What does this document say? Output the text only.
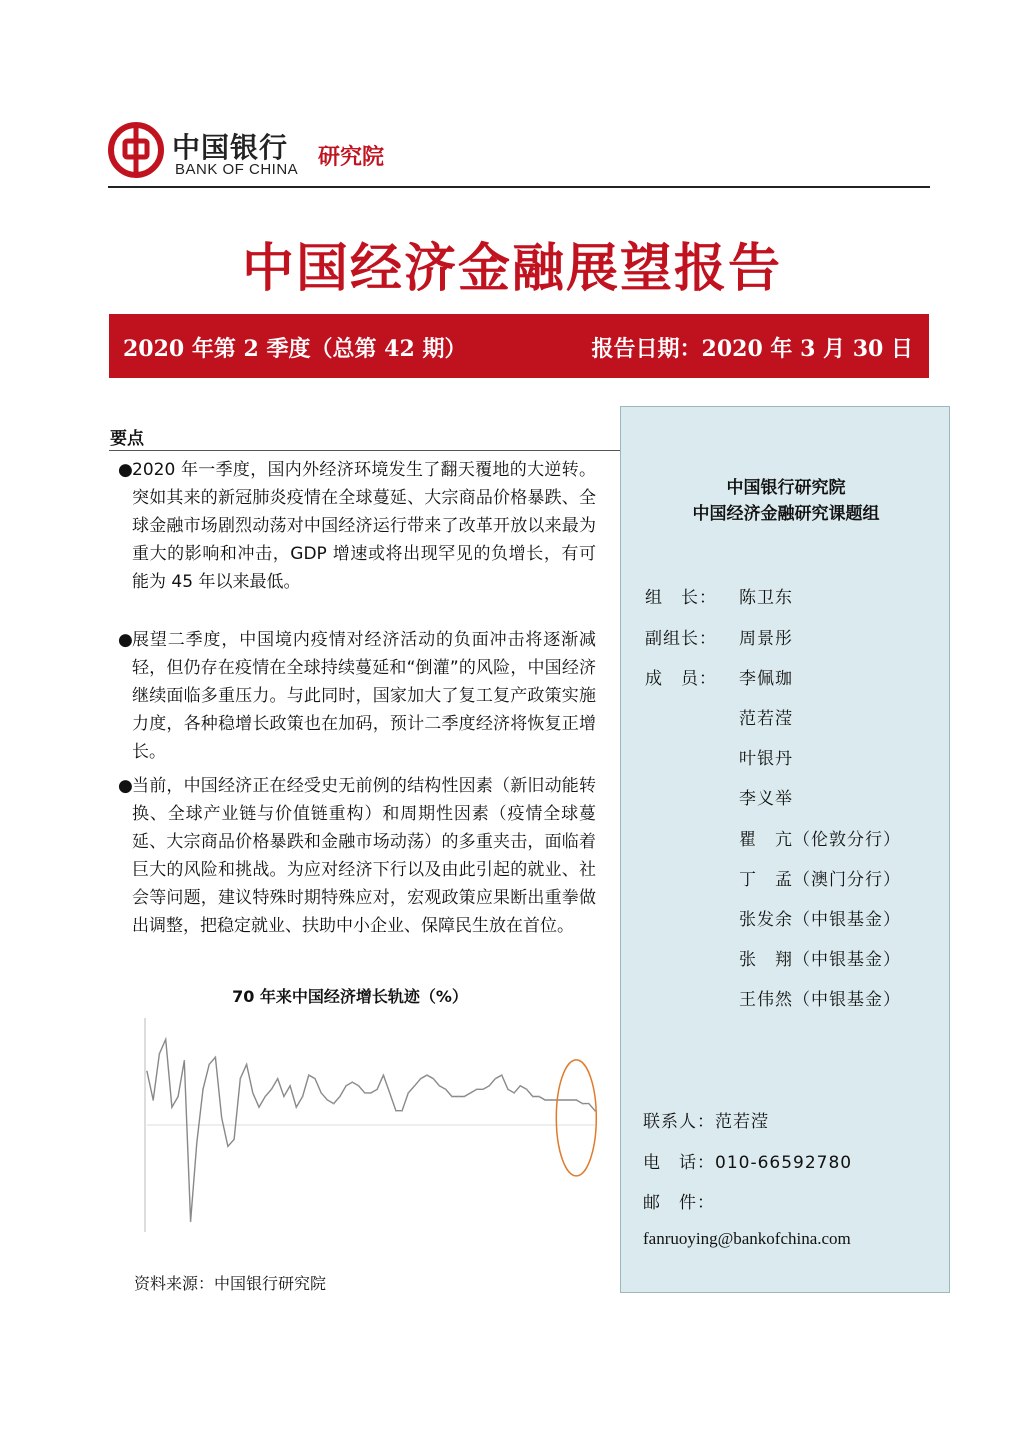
中国银行
BANK OF CHINA 研究院
中国经济金融展望报告
2020 年第 2 季度（总第 42 期）	报告日期：2020 年 3 月 30 日
要点
● 2020 年一季度，国内外经济环境发生了翻天覆地的大逆转。突如其来的新冠肺炎疫情在全球蔓延、大宗商品价格暴跌、全球金融市场剧烈动荡对中国经济运行带来了改革开放以来最为重大的影响和冲击，GDP 增速或将出现罕见的负增长，有可能为 45 年以来最低。
● 展望二季度，中国境内疫情对经济活动的负面冲击将逐渐减轻，但仍存在疫情在全球持续蔓延和“倒灌”的风险，中国经济继续面临多重压力。与此同时，国家加大了复工复产政策实施力度，各种稳增长政策也在加码，预计二季度经济将恢复正增长。
● 当前，中国经济正在经受史无前例的结构性因素（新旧动能转换、全球产业链与价值链重构）和周期性因素（疫情全球蔓延、大宗商品价格暴跌和金融市场动荡）的多重夹击，面临着巨大的风险和挑战。为应对经济下行以及由此引起的就业、社会等问题，建议特殊时期特殊应对，宏观政策应果断出重拳做出调整，把稳定就业、扶助中小企业、保障民生放在首位。
70 年来中国经济增长轨迹（%）
资料来源：中国银行研究院
中国银行研究院
中国经济金融研究课题组
组　长： 陈卫东
副组长： 周景彤
成　员： 李佩珈
范若滢
叶银丹
李义举
瞿　亢（伦敦分行）
丁　孟（澳门分行）
张发余（中银基金）
张　翔（中银基金）
王伟然（中银基金）
联系人：范若滢
电　话：010-66592780
邮　件：
fanruoying@bankofchina.com
